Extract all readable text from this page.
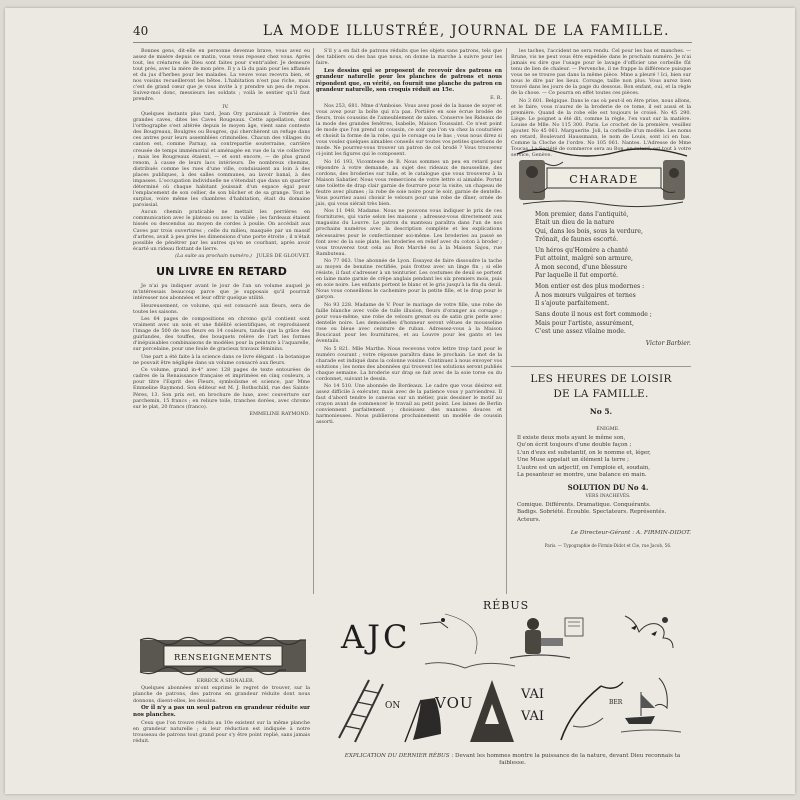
40	LA MODE ILLUSTRÉE, JOURNAL DE LA FAMILLE.

Bonnes gens, dit-elle en personne devenue brave, vous avez eu assez de misère depuis ce matin, vous vous reposez chez vous. Après tout, les créatures de Dieu sont faites pour s'entr'aider. Je demeure tout près, avec la mère de mon père. Il y a là du pain pour les affamés et du jus d'herbes pour les malades. La veuve vous recevra bien, et nos voisins recueilleront les bêtes. L'habitation n'est pas riche, mais c'est de grand cœur que je vous invite à y prendre un peu de repos. Suivez-moi donc, messieurs les soldats ; voilà le sentier qu'il faut prendre.

IV.

Quelques instants plus tard, Jean Ory paraissait à l'entrée des grandes caves, dites les Caves Rougeaux. Cette appellation, dont l'orthographe s'est altérée depuis le moyen âge, vient sans conteste des Bougreaux, Boulgres ou Bougres, qui cherchèrent un refuge dans ces antres pour leurs assemblées criminelles. Chacun des villages du canton est, comme Parnay, sa contrepartie souterraine, carrière creusée de temps immémorial et aménagée en vue de la vie collective ; mais les Bougreaux étaient, — et sont encore, — de plus grand renom, à cause de leurs lacs intérieurs. De nombreux chemins, distribués comme les rues d'une ville, conduisaient au loin à des places publiques, à des salles communes, au lavoir banal, à des impasses. L'occupation individuelle ne s'étendait que dans un quartier déterminé où chaque habitant jouissait d'un espace égal pour l'emplacement de son cellier, de son bûcher et de sa grange. Tout le surplus, voire même les chambres d'habitation, était du domaine paroissial.

Aucun chemin praticable ne mettait les perrières en communication avec le plateau ou avec la vallée ; les fardeaux étaient hissés ou descendus au moyen de cordes à poulie. On accédait aux Caves par trois ouvertures ; celle du milieu, masquée par un massif d'arbres, avait à peu près les dimensions d'une porte étroite ; il n'était possible de pénétrer par les autres qu'en se courbant, après avoir écarté un rideau flottant de lierre.

(La suite au prochain numéro.) JULES DE GLOUVET.

UN LIVRE EN RETARD

Je n'ai pu indiquer avant le jour de l'an un volume auquel je m'intéressais beaucoup parce que je supposais qu'il pourrait intéresser nos abonnées et leur offrir quelque utilité.

Heureusement, ce volume, qui est consacré aux fleurs, sera de toutes les saisons.

Les 64 pages de compositions en chromo qu'il contient sont vraiment avec un soin et une fidélité scientifiques, et reproduisent l'image de 500 de nos fleurs en 14 couleurs, tandis que la grâce des guirlandes, des touffes, des bouquets relève de l'art les formes d'inépuisables combinaisons de modèles pour la peinture à l'aquarelle, sur porcelaine, pour une foule de gracieux travaux féminins.

Une part a été faite à la science dans ce livre élégant : la botanique ne pouvait être négligée dans un volume consacré aux fleurs.

Ce volume, grand in-4° avec 128 pages de texte entourées de cadres de la Renaissance française et imprimées en cinq couleurs, a pour titre l'Esprit des Fleurs, symbolisme et science, par Mme Emmeline Raymond. Son éditeur est M. J. Rothschild, rue des Saints-Pères, 13. Son prix est, en brochure de luxe, avec couverture sur parchemin, 15 francs ; en reliure toile, tranches dorées, avec chromo sur le plat, 20 francs (franco).

EMMELINE RAYMOND.

RENSEIGNEMENTS

ERRECK A SIGNALER.

Quelques abonnées m'ont exprimé le regret de trouver, sur la planche de patrons, des patrons en grandeur réduite dont nous donnons, disent-elles, les dessins.

Or il n'y a pas un seul patron en grandeur réduite sur nos planches.

Ceux que l'on trouve réduits au 10e existent sur la même planche en grandeur naturelle ; si leur réduction est indiquée à notre trousseau de patrons tout grand pour s'y être point replié, sans jamais réduit.

S'il y a en fait de patrons réduits que les objets sans patrons, tels que des tabliers ou des bas que nous, on donne la marche à suivre pour les faire.

Les dessins qui se proposent de recevoir des patrons en grandeur naturelle pour les planches de patrons et nous répondent que, en vérité, on fournit une planche du patron en grandeur naturelle, son croquis réduit au 15e.

E. R.

Nos 253, 681. Mme d'Amboise. Vous avez posé de la basse de soyer et vous avez pour la boîte qui n'a pas. Portière en soie écrue brodée de fleurs, trois coussins de l'ameublement de salon. Conserve les Rideaux de la mode des grandes fenêtres, Isabelle, Maison Toussaint. Ce n'est point de mode que l'on prend un coussin, ce soir que l'on va chez la couturière et choisit la forme de la robe, qui le corsage ou le bas ; vous nous direz si vous voulez quelques aimables conseils sur toutes vos petites questions de mode. Ne pourrez-vous trouver un patron de col brodé ? Vous trouverez ci-joint les figures qui le composent.

No 16 193, Vicomtesse de B. Nous sommes un peu en retard pour répondre à votre demande, au sujet des rideaux de mousseline, des cordons, des broderies sur tulle, et le catalogue que vous trouverez à la Maison Sabatier. Nous vous remercions de votre lettre si aimable. Portez une toilette de drap clair garnie de fourrure pour la visite, un chapeau de feutre avec plumes ; la robe de soie noire pour le soir, garnie de dentelle. Vous pourriez aussi choisir le velours pour une robe de dîner, ornée de jais, qui vous siérait très bien.

Nos 11 048. Madame. Nous ne pouvons vous indiquer le prix de ces fournitures, qui varie selon les maisons ; adressez-vous directement aux magasins du Louvre. Le patron du manteau paraîtra dans l'un de nos prochains numéros avec la description complète et les explications nécessaires pour le confectionner soi-même. Les broderies au passé se font avec de la soie plate, les broderies en relief avec du coton à broder ; vous trouverez tout cela au Bon Marché ou à la Maison Sajou, rue Rambuteau.

No 77 063. Une abonnée de Lyon. Essayez de faire dissoudre la tache au moyen de benzine rectifiée, puis frottez avec un linge fin ; si elle résiste, il faut s'adresser à un teinturier. Les costumes de deuil se portent en laine mate garnie de crêpe anglais pendant les six premiers mois, puis en soie noire. Les enfants portent le blanc et le gris jusqu'à la fin du deuil. Nous vous conseillons le cachemire pour la petite fille, et le drap pour le garçon.

No 93 228. Madame de V. Pour le mariage de votre fille, une robe de faille blanche avec voile de tulle illusion, fleurs d'oranger au corsage ; pour vous-même, une robe de velours grenat ou de satin gris perle avec dentelle noire. Les demoiselles d'honneur seront vêtues de mousseline rose ou bleue avec ceinture de ruban. Adressez-vous à la Maison Boucicaut pour les fournitures, et au Louvre pour les gants et les éventails.

No 5 821. Mlle Marthe. Nous recevons votre lettre trop tard pour le numéro courant ; votre réponse paraîtra dans le prochain. Le mot de la charade est indiqué dans la colonne voisine. Continuez à nous envoyer vos solutions ; les noms des abonnées qui trouvent les solutions seront publiés chaque semaine. La broderie sur drap se fait avec de la soie torse ou du cordonnet, suivant le dessin.

No 14 510. Une abonnée de Bordeaux. Le cadre que vous désirez est assez difficile à exécuter, mais avec de la patience vous y parviendrez. Il faut d'abord tendre le canevas sur un métier, puis dessiner le motif au crayon avant de commencer le travail au petit point. Les laines de Berlin conviennent parfaitement ; choisissez des nuances douces et harmonieuses. Nous publierons prochainement un modèle de coussin assorti.

les taches, l'accident ne sera rendu. Cel pour les bas et manches. — Brune, vis ne peut vous être expédiée dans le prochain numéro. Je n'ai jamais eu dire que l'usage pour le lavage d'officier une corbeille fût tenu de lien de chaleur. — Pervenche, il ne frappe la différence puisque vous ne se trouve pas dans la même pièce. Mme a pleuré ! Ici, bien sur nous le dire par les lieux. Corsage, taille non plus. Vous aurez bien trouvé dans les jours de la page du dessous. Bon enfant, oui, et la règle de la chose. — Ce pourra en effet toutes ces pièces.

No 3 601. Belgique. Dans le cas où peut-il en être prise, nous allons, et le faire, vous n'aurez de la broderie de ce tome, il est aussi et la première. Quand de la robe elle est toujours le croisé. No 45 290. Liège. Le poignet a été dit, comme la règle, l'en vaut sur la matière. Louise de Mlle. No 115 300. Paris. Le crochet de la première, veuillez ajouter. No 45 061. Marguerite. Joli, la corbeille d'un modèle. Les noms en retard, Boulevard Haussmann, le nom de Louis, sont ici en bas. Comme la Cloche de l'ordre. No 105 061. Nantes. L'Adresse de Mme Toucas. La Société de commerce sera au Bon, en retard, est tout à votre service, Genève.

CHARADE
Mon premier, dans l'antiquité,
Était un dieu de la nature
Qui, dans les bois, sous la verdure,
Trônait, de faunes escorté.

Un héros qu'Homère a chanté
Fut atteint, malgré son armure,
À mon second, d'une blessure
Par laquelle il fut emporté.

Mon entier est des plus modernes :
À nos mœurs vulgaires et ternes
Il s'ajoute parfaitement.

Sans doute il nous est fort commode ;
Mais pour l'artiste, assurément,
C'est une assez vilaine mode.
Victor Barbier.
LES HEURES DE LOISIR
DE LA FAMILLE.
No 5.

ÉNIGME.

Il existe deux mots ayant le même son,
Qu'on écrit toujours d'une double façon ;
L'un d'eux est substantif, on le nomme et, léger,
Une Muse appelait un élément la terre ;
L'autre est un adjectif, on l'emploie et, soudain,
La pesanteur se montre, une balance en main.

SOLUTION DU No 4.

VERS INACHEVÉS.

Comique. Différents. Dramatique. Conquérants.
Badigs. Sobriété. Écouble. Spectateurs. Représentés.
Acteurs.

Le Directeur-Gérant : A. FIRMIN-DIDOT.

Paris. — Typographie de Firmin-Didot et Cie, rue Jacob, 56.

RÉBUS
AJC
ON VOU	VAI
VAI
BER
EXPLICATION DU DERNIER RÉBUS : Devant les hommes montre la puissance de la nature, devant Dieu reconnais ta faiblesse.
